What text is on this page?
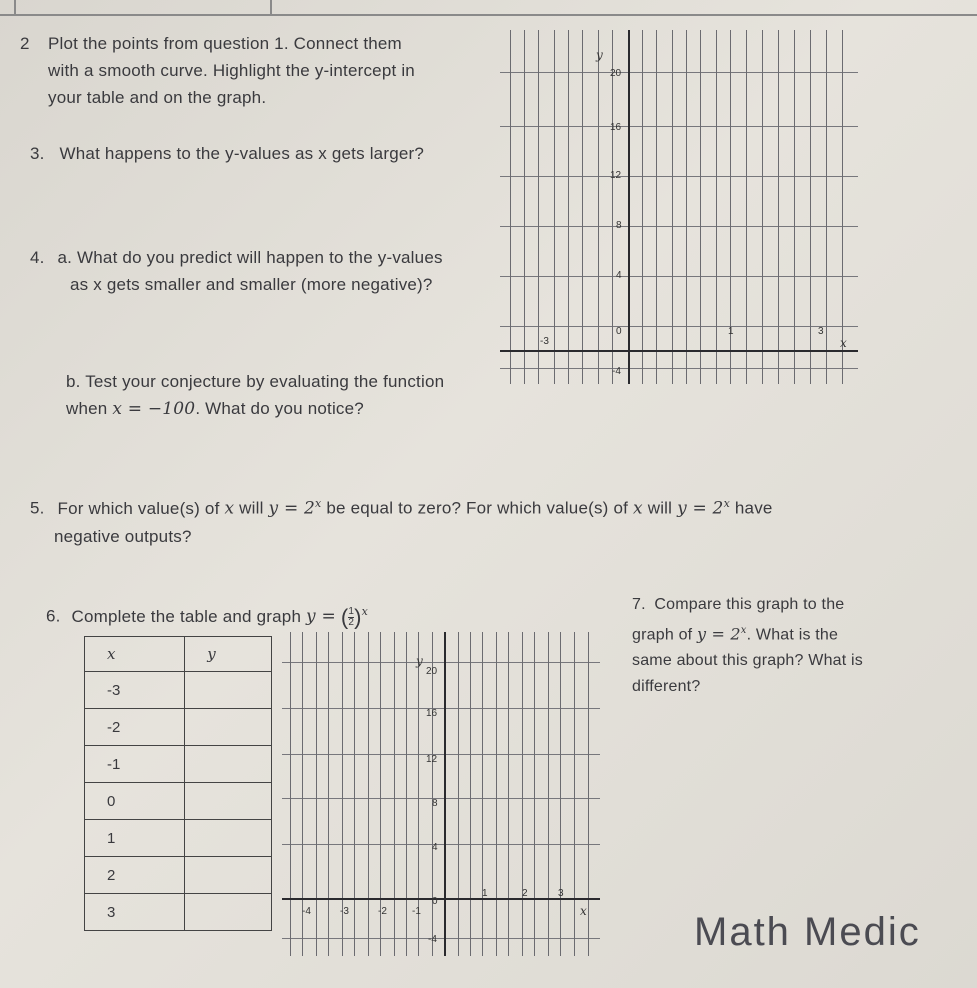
2 Plot the points from question 1. Connect them
with a smooth curve. Highlight the y-intercept in
your table and on the graph.
3. What happens to the y-values as x gets larger?
4. a. What do you predict will happen to the y-values
as x gets smaller and smaller (more negative)?
b. Test your conjecture by evaluating the function
when x = −100. What do you notice?
5. For which value(s) of x will $y = 2^x$ be equal to zero? For which value(s) of x will $y = 2^x$ have
negative outputs?
6. Complete the table and graph y = ( $\frac{1}{2} )^x$	7. Compare this graph to the
graph of $y = 2^x$. What is the
same about this graph? What is
different?
y
x
20
16
12
8
4
0
-4
-3
1	3
x	y
-3	
-2	
-1	
0	
1	
2	
3	
y
x
20
16
12
8
4
0
-4
-4	-3	-2	-1
1	2	3
Math Medic
